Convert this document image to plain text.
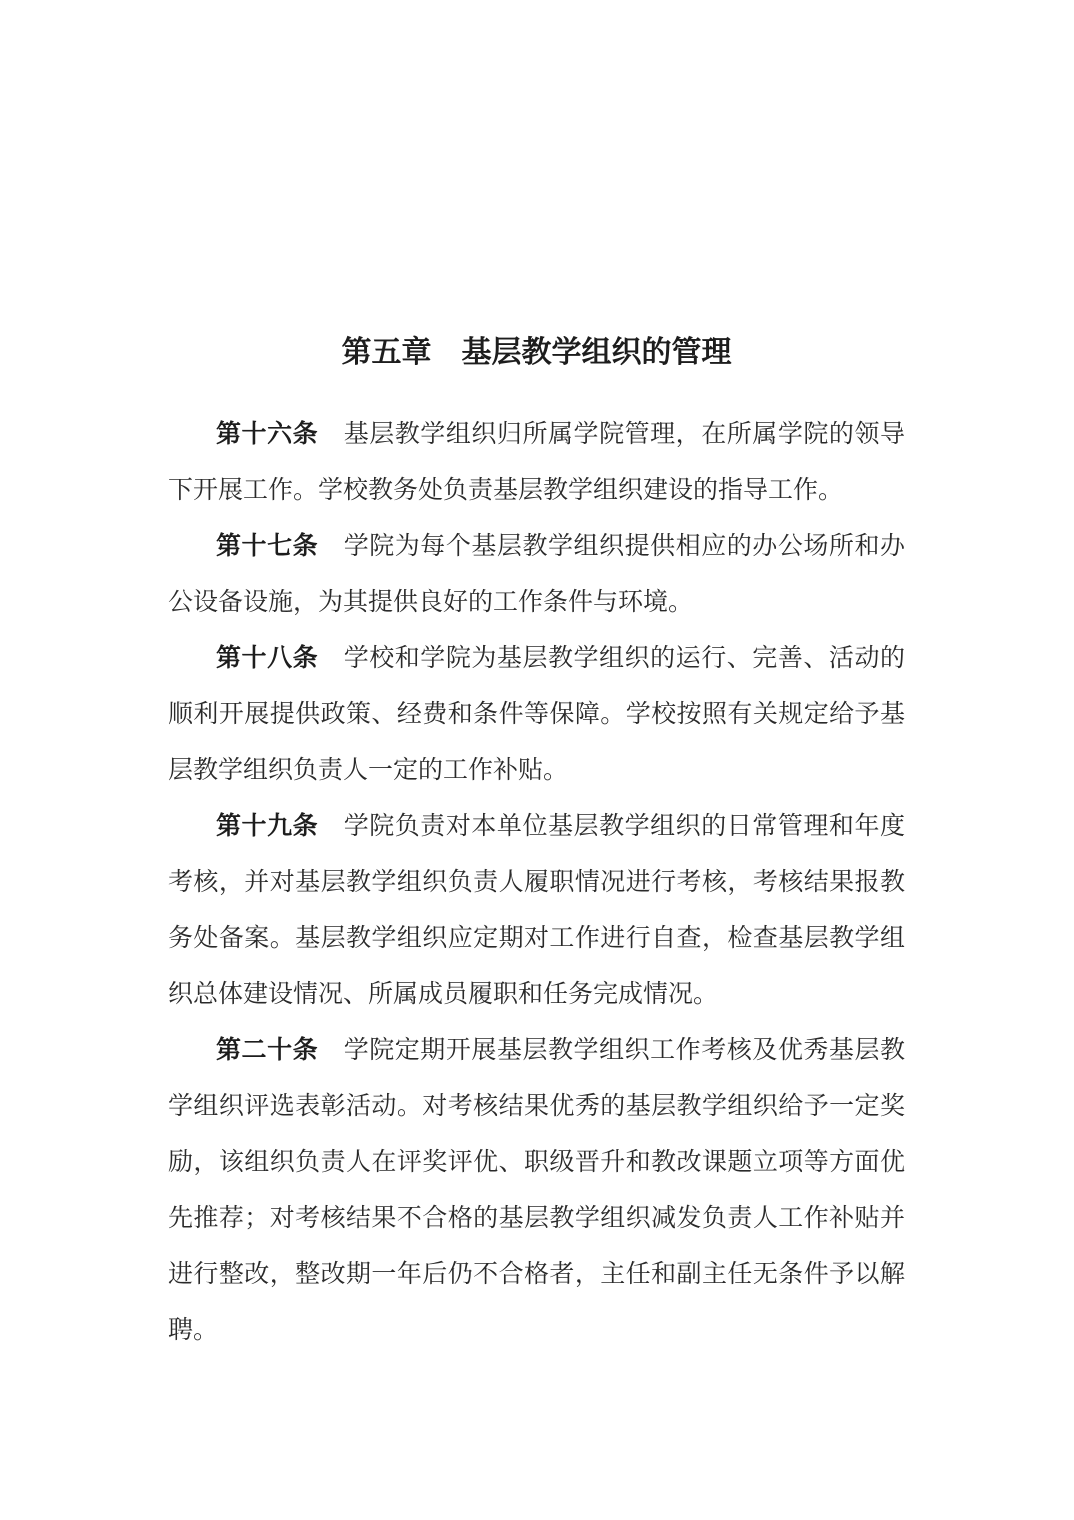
第五章 基层教学组织的管理

第十六条　基层教学组织归所属学院管理，在所属学院的领导

下开展工作。学校教务处负责基层教学组织建设的指导工作。

第十七条　学院为每个基层教学组织提供相应的办公场所和办

公设备设施，为其提供良好的工作条件与环境。

第十八条　学校和学院为基层教学组织的运行、完善、活动的

顺利开展提供政策、经费和条件等保障。学校按照有关规定给予基

层教学组织负责人一定的工作补贴。

第十九条　学院负责对本单位基层教学组织的日常管理和年度

考核，并对基层教学组织负责人履职情况进行考核，考核结果报教

务处备案。基层教学组织应定期对工作进行自查，检查基层教学组

织总体建设情况、所属成员履职和任务完成情况。

第二十条　学院定期开展基层教学组织工作考核及优秀基层教

学组织评选表彰活动。对考核结果优秀的基层教学组织给予一定奖

励，该组织负责人在评奖评优、职级晋升和教改课题立项等方面优

先推荐；对考核结果不合格的基层教学组织减发负责人工作补贴并

进行整改，整改期一年后仍不合格者，主任和副主任无条件予以解

聘。
